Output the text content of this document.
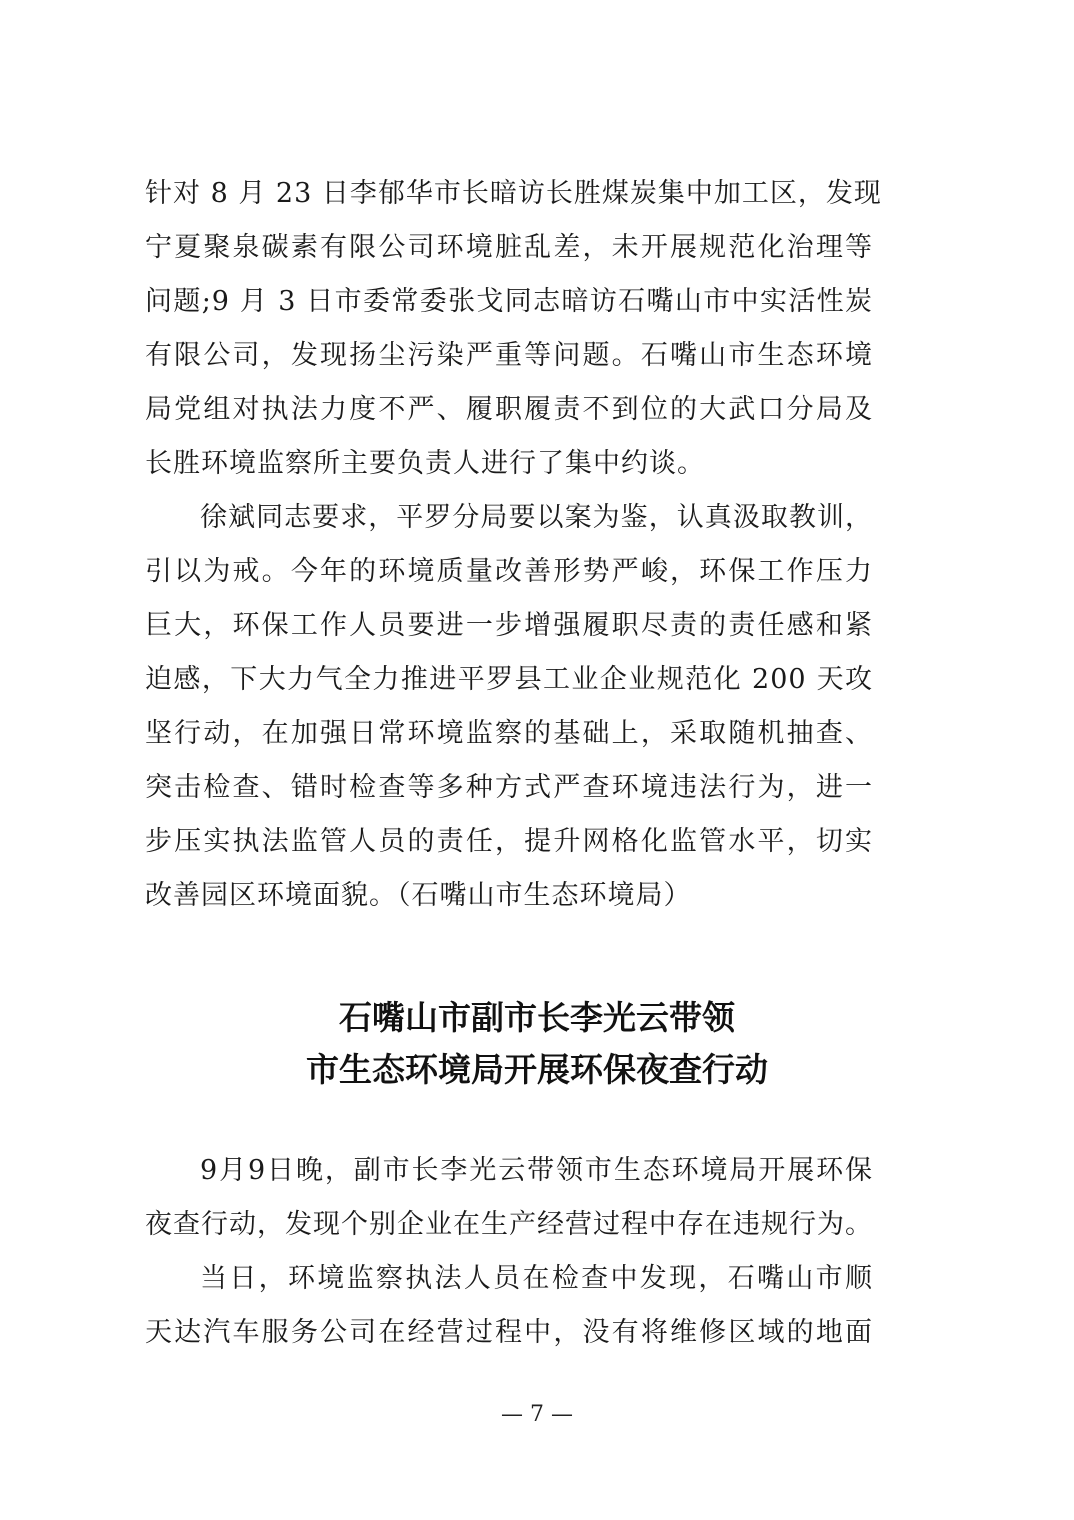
针对 8 月 23 日李郁华市长暗访长胜煤炭集中加工区，发现
宁夏聚泉碳素有限公司环境脏乱差，未开展规范化治理等
问题;9 月 3 日市委常委张戈同志暗访石嘴山市中实活性炭
有限公司，发现扬尘污染严重等问题。石嘴山市生态环境
局党组对执法力度不严、履职履责不到位的大武口分局及
长胜环境监察所主要负责人进行了集中约谈。
徐斌同志要求，平罗分局要以案为鉴，认真汲取教训，
引以为戒。今年的环境质量改善形势严峻，环保工作压力
巨大，环保工作人员要进一步增强履职尽责的责任感和紧
迫感，下大力气全力推进平罗县工业企业规范化 200 天攻
坚行动，在加强日常环境监察的基础上，采取随机抽查、
突击检查、错时检查等多种方式严查环境违法行为，进一
步压实执法监管人员的责任，提升网格化监管水平，切实
改善园区环境面貌。（石嘴山市生态环境局）
石嘴山市副市长李光云带领
市生态环境局开展环保夜查行动
9月9日晚，副市长李光云带领市生态环境局开展环保
夜查行动，发现个别企业在生产经营过程中存在违规行为。
当日，环境监察执法人员在检查中发现，石嘴山市顺
天达汽车服务公司在经营过程中，没有将维修区域的地面
— 7 —
